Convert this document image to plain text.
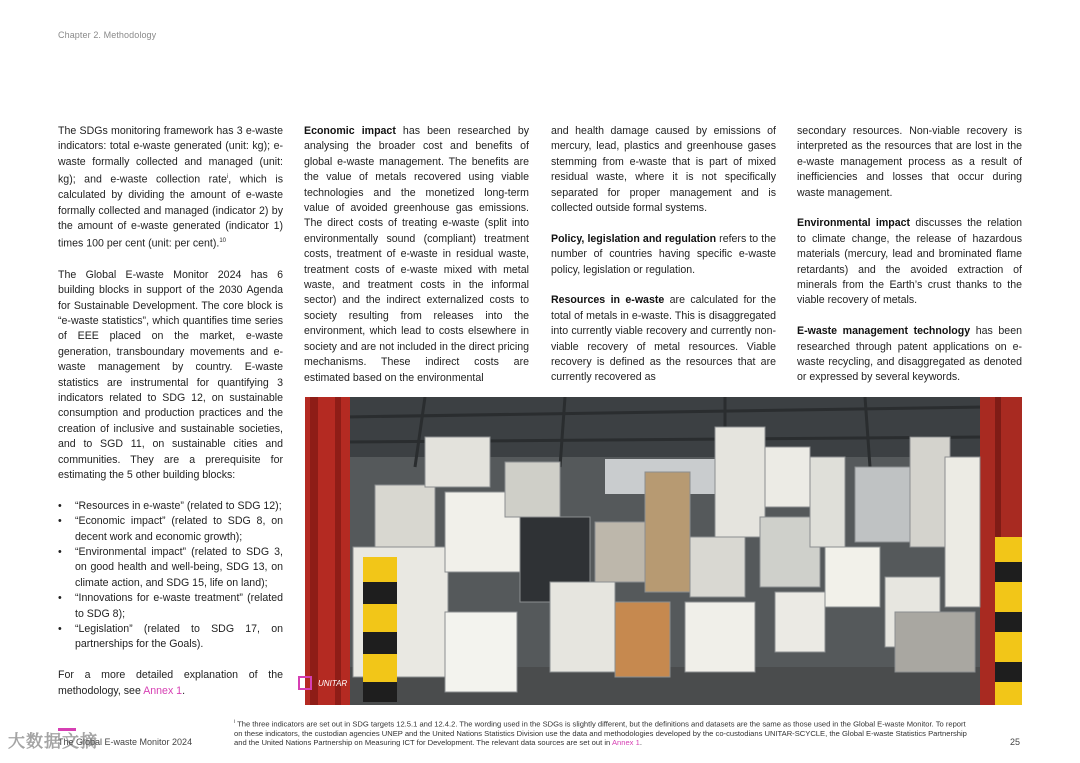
Chapter 2. Methodology

The SDGs monitoring framework has 3 e-waste indicators: total e-waste generated (unit: kg); e-waste formally collected and managed (unit: kg); and e-waste collection rate$^i$, which is calculated by dividing the amount of e-waste formally collected and managed (indicator 2) by the amount of e-waste generated (indicator 1) times 100 per cent (unit: per cent).$^{10}$

The Global E-waste Monitor 2024 has 6 building blocks in support of the 2030 Agenda for Sustainable Development. The core block is “e-waste statistics”, which quantifies time series of EEE placed on the market, e-waste generation, transboundary movements and e-waste management by country. E-waste statistics are instrumental for quantifying 3 indicators related to SDG 12, on sustainable consumption and production practices and the creation of inclusive and sustainable societies, and to SGD 11, on sustainable cities and communities. They are a prerequisite for estimating the 5 other building blocks:

• “Resources in e-waste” (related to SDG 12);
• “Economic impact” (related to SDG 8, on decent work and economic growth);
• “Environmental impact” (related to SDG 3, on good health and well-being, SDG 13, on climate action, and SDG 15, life on land);
• “Innovations for e-waste treatment” (related to SDG 8);
• “Legislation” (related to SDG 17, on partnerships for the Goals).

For a more detailed explanation of the methodology, see Annex 1.

Economic impact has been researched by analysing the broader cost and benefits of global e-waste management. The benefits are the value of metals recovered using viable technologies and the monetized long-term value of avoided greenhouse gas emissions. The direct costs of treating e-waste (split into environmentally sound (compliant) treatment costs, treatment of e-waste in residual waste, treatment costs of e-waste mixed with metal waste, and treatment costs in the informal sector) and the indirect externalized costs to society resulting from releases into the environment, which lead to costs elsewhere in society and are not included in the direct pricing mechanisms. These indirect costs are estimated based on the environmental

and health damage caused by emissions of mercury, lead, plastics and greenhouse gases stemming from e-waste that is part of mixed residual waste, where it is not specifically separated for proper management and is collected outside formal systems.

Policy, legislation and regulation refers to the number of countries having specific e-waste policy, legislation or regulation.

Resources in e-waste are calculated for the total of metals in e-waste. This is disaggregated into currently viable recovery and currently non-viable recovery of metal resources. Viable recovery is defined as the resources that are currently recovered as

secondary resources. Non-viable recovery is interpreted as the resources that are lost in the e-waste management process as a result of inefficiencies and losses that occur during waste management.

Environmental impact discusses the relation to climate change, the release of hazardous materials (mercury, lead and brominated flame retardants) and the avoided extraction of minerals from the Earth’s crust thanks to the viable recovery of metals.

E-waste management technology has been researched through patent applications on e-waste recycling, and disaggregated as denoted or expressed by several keywords.

UNITAR
$^i$ The three indicators are set out in SDG targets 12.5.1 and 12.4.2. The wording used in the SDGs is slightly different, but the definitions and datasets are the same as those used in the Global E-waste Monitor. To report on these indicators, the custodian agencies UNEP and the United Nations Statistics Division use the data and methodologies developed by the co-custodians UNITAR-SCYCLE, the Global E-waste Statistics Partnership and the United Nations Partnership on Measuring ICT for Development. The relevant data sources are set out in Annex 1.
The Global E-waste Monitor 2024	25
大数据文摘
